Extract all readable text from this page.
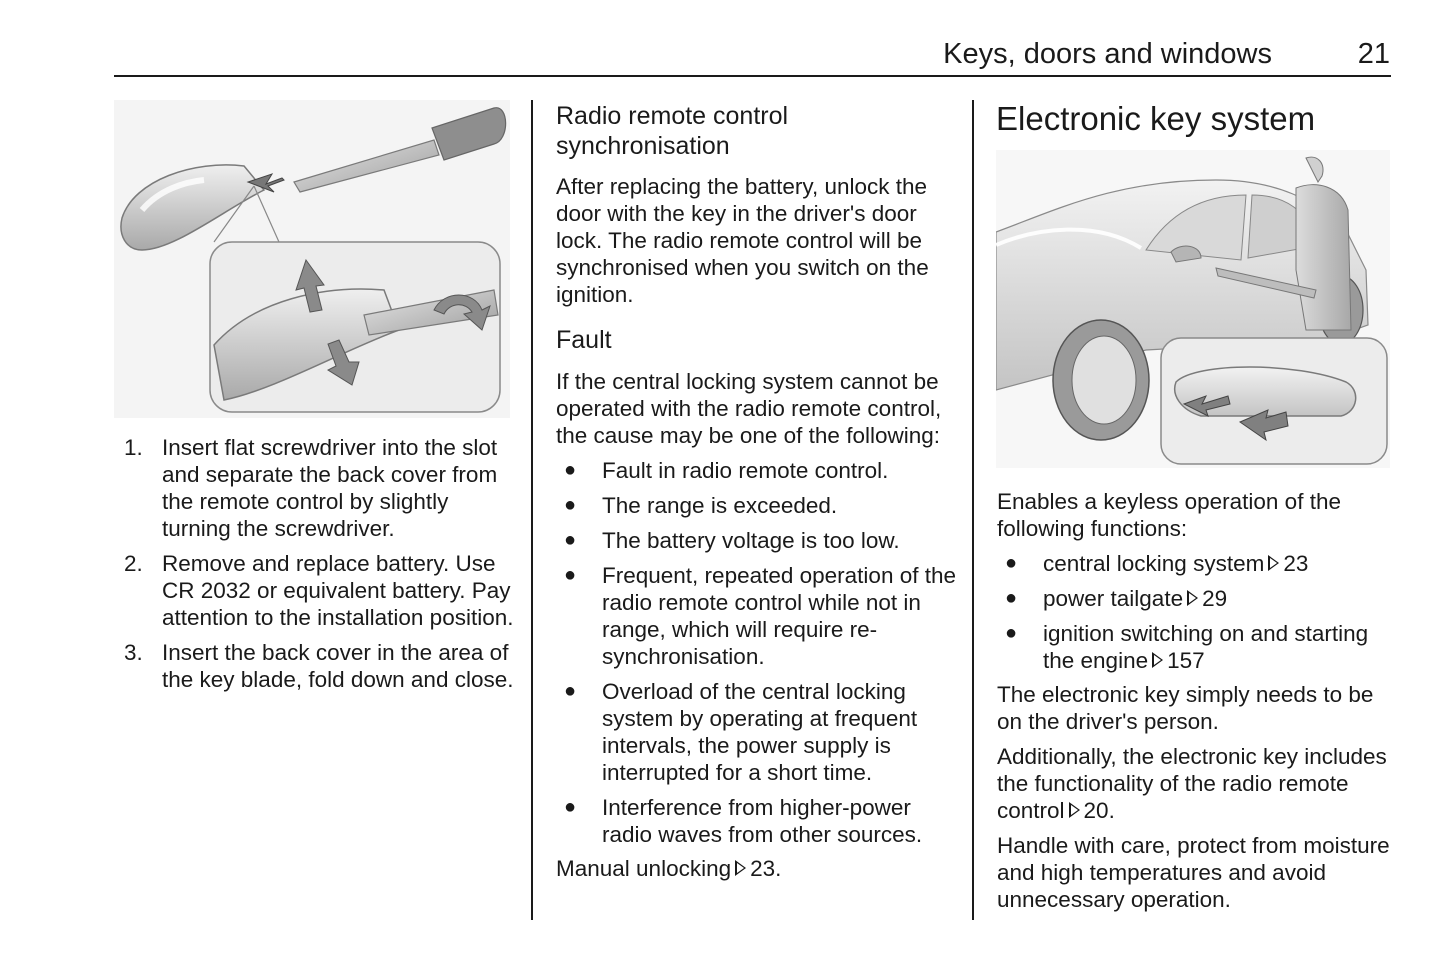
Keys, doors and windows	21
1. Insert flat screwdriver into the slot and separate the back cover from the remote control by slightly turning the screwdriver.
2. Remove and replace battery. Use CR 2032 or equivalent battery. Pay attention to the installation position.
3. Insert the back cover in the area of the key blade, fold down and close.
Radio remote control synchronisation

After replacing the battery, unlock the door with the key in the driver's door lock. The radio remote control will be synchronised when you switch on the ignition.

Fault

If the central locking system cannot be operated with the radio remote control, the cause may be one of the following:

● Fault in radio remote control.
● The range is exceeded.
● The battery voltage is too low.
● Frequent, repeated operation of the radio remote control while not in range, which will require re-synchronisation.
● Overload of the central locking system by operating at frequent intervals, the power supply is interrupted for a short time.
● Interference from higher-power radio waves from other sources.

Manual unlocking 23.

Electronic key system

Enables a keyless operation of the following functions:

● central locking system 23
● power tailgate 29
● ignition switching on and starting the engine 157

The electronic key simply needs to be on the driver's person.

Additionally, the electronic key includes the functionality of the radio remote control 20.

Handle with care, protect from moisture and high temperatures and avoid unnecessary operation.
